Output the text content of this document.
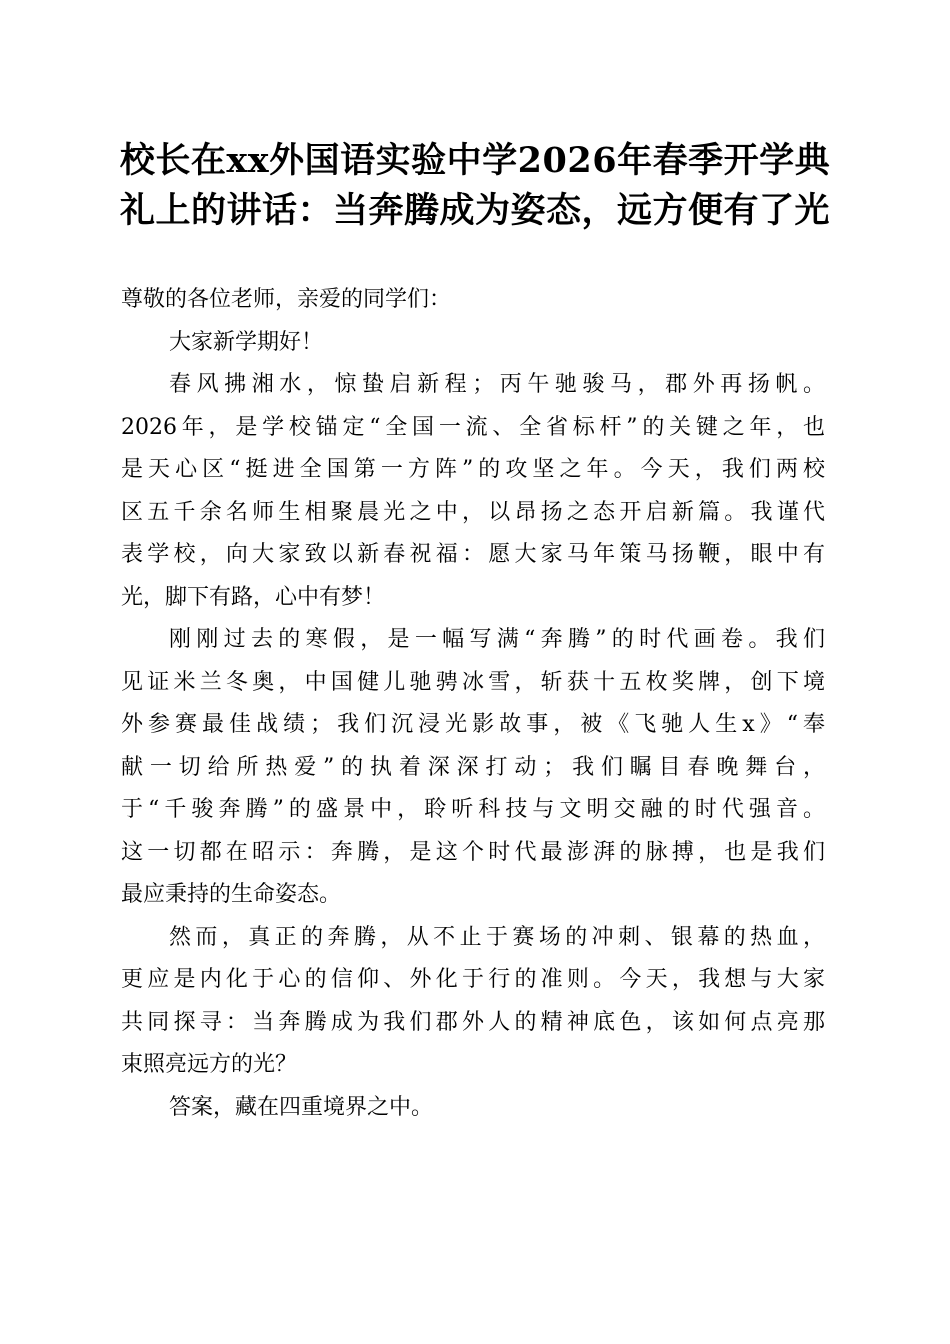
校长在xx外国语实验中学2026年春季开学典
礼上的讲话：当奔腾成为姿态，远方便有了光
尊敬的各位老师，亲爱的同学们：
大家新学期好！
春风拂湘水，惊蛰启新程；丙午驰骏马，郡外再扬帆。
2026年，是学校锚定“全国一流、全省标杆”的关键之年，也
是天心区“挺进全国第一方阵”的攻坚之年。今天，我们两校
区五千余名师生相聚晨光之中，以昂扬之态开启新篇。我谨代
表学校，向大家致以新春祝福：愿大家马年策马扬鞭，眼中有
光，脚下有路，心中有梦！
刚刚过去的寒假，是一幅写满“奔腾”的时代画卷。我们
见证米兰冬奥，中国健儿驰骋冰雪，斩获十五枚奖牌，创下境
外参赛最佳战绩；我们沉浸光影故事，被《飞驰人生x》“奉
献一切给所热爱”的执着深深打动；我们瞩目春晚舞台，
于“千骏奔腾”的盛景中，聆听科技与文明交融的时代强音。
这一切都在昭示：奔腾，是这个时代最澎湃的脉搏，也是我们
最应秉持的生命姿态。
然而，真正的奔腾，从不止于赛场的冲刺、银幕的热血，
更应是内化于心的信仰、外化于行的准则。今天，我想与大家
共同探寻：当奔腾成为我们郡外人的精神底色，该如何点亮那
束照亮远方的光？
答案，藏在四重境界之中。
